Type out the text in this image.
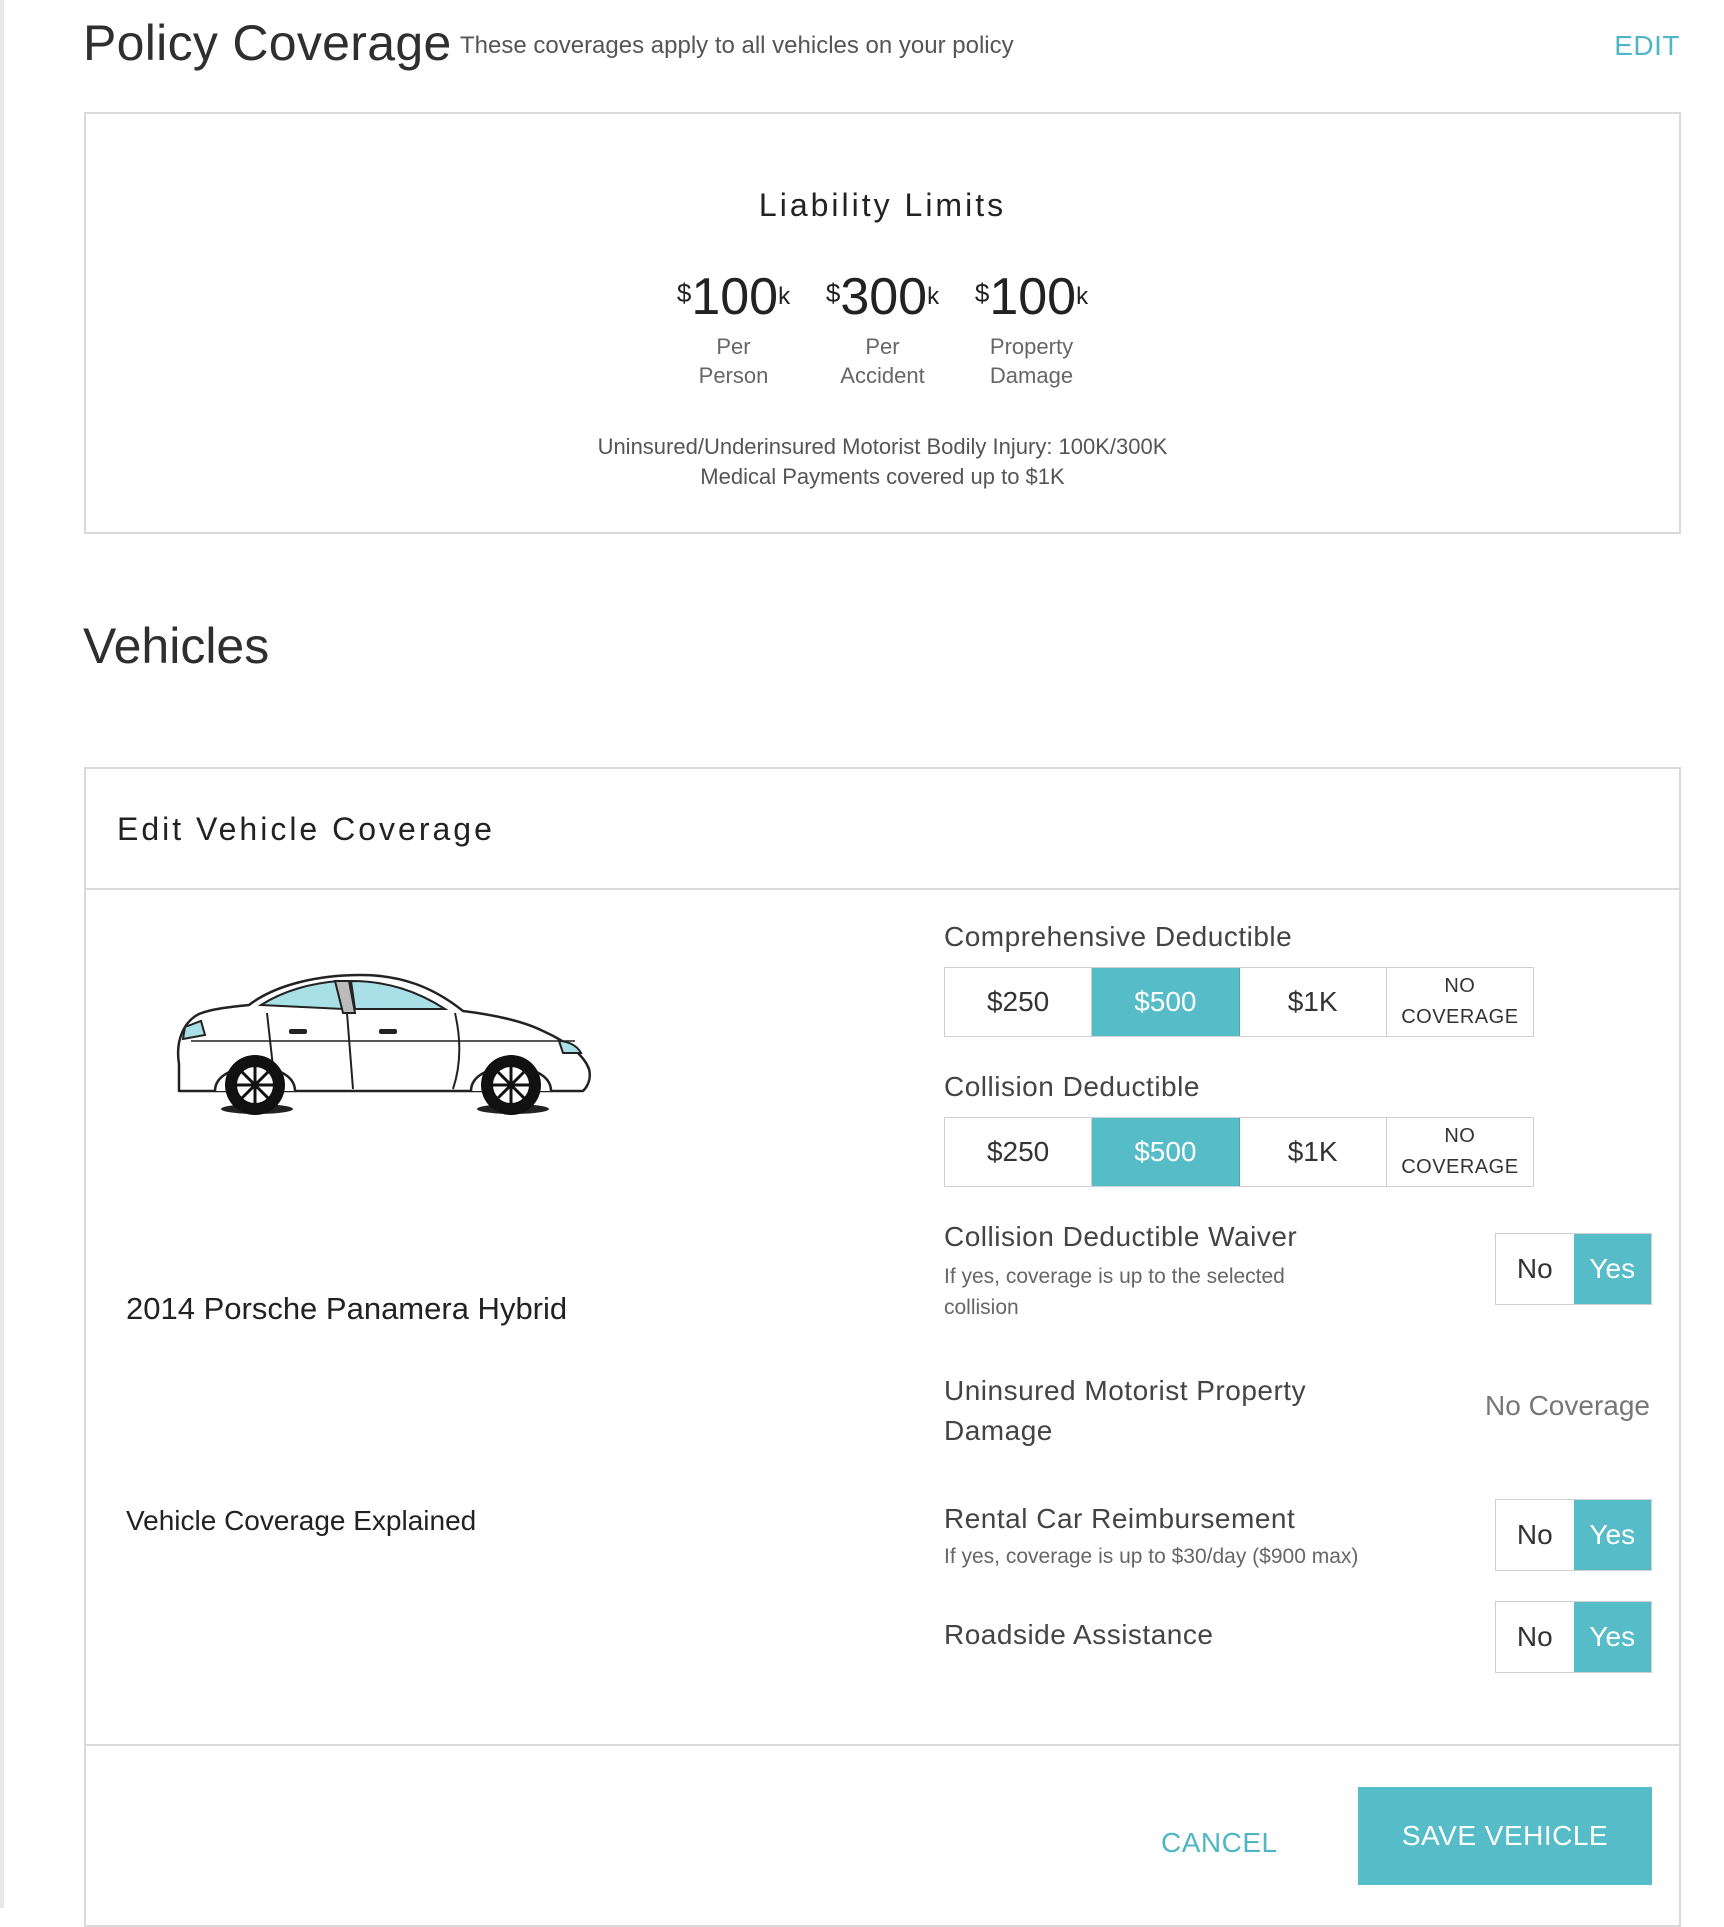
Policy Coverage These coverages apply to all vehicles on your policy	EDIT
Liability Limits
$100$^k$
Per
Person
$300$^k$
Per
Accident
$100$^k$
Property
Damage
Uninsured/Underinsured Motorist Bodily Injury: 100K/300K
Medical Payments covered up to $1K
Vehicles
Edit Vehicle Coverage
2014 Porsche Panamera Hybrid
Vehicle Coverage Explained
Comprehensive Deductible
$250	$500	$1K	NO
COVERAGE
Collision Deductible
$250	$500	$1K	NO
COVERAGE
Collision Deductible Waiver
If yes, coverage is up to the selected
collision
No	Yes
Uninsured Motorist Property
Damage
No Coverage
Rental Car Reimbursement
If yes, coverage is up to $30/day ($900 max)
No	Yes
Roadside Assistance	No	Yes
CANCEL	SAVE VEHICLE
